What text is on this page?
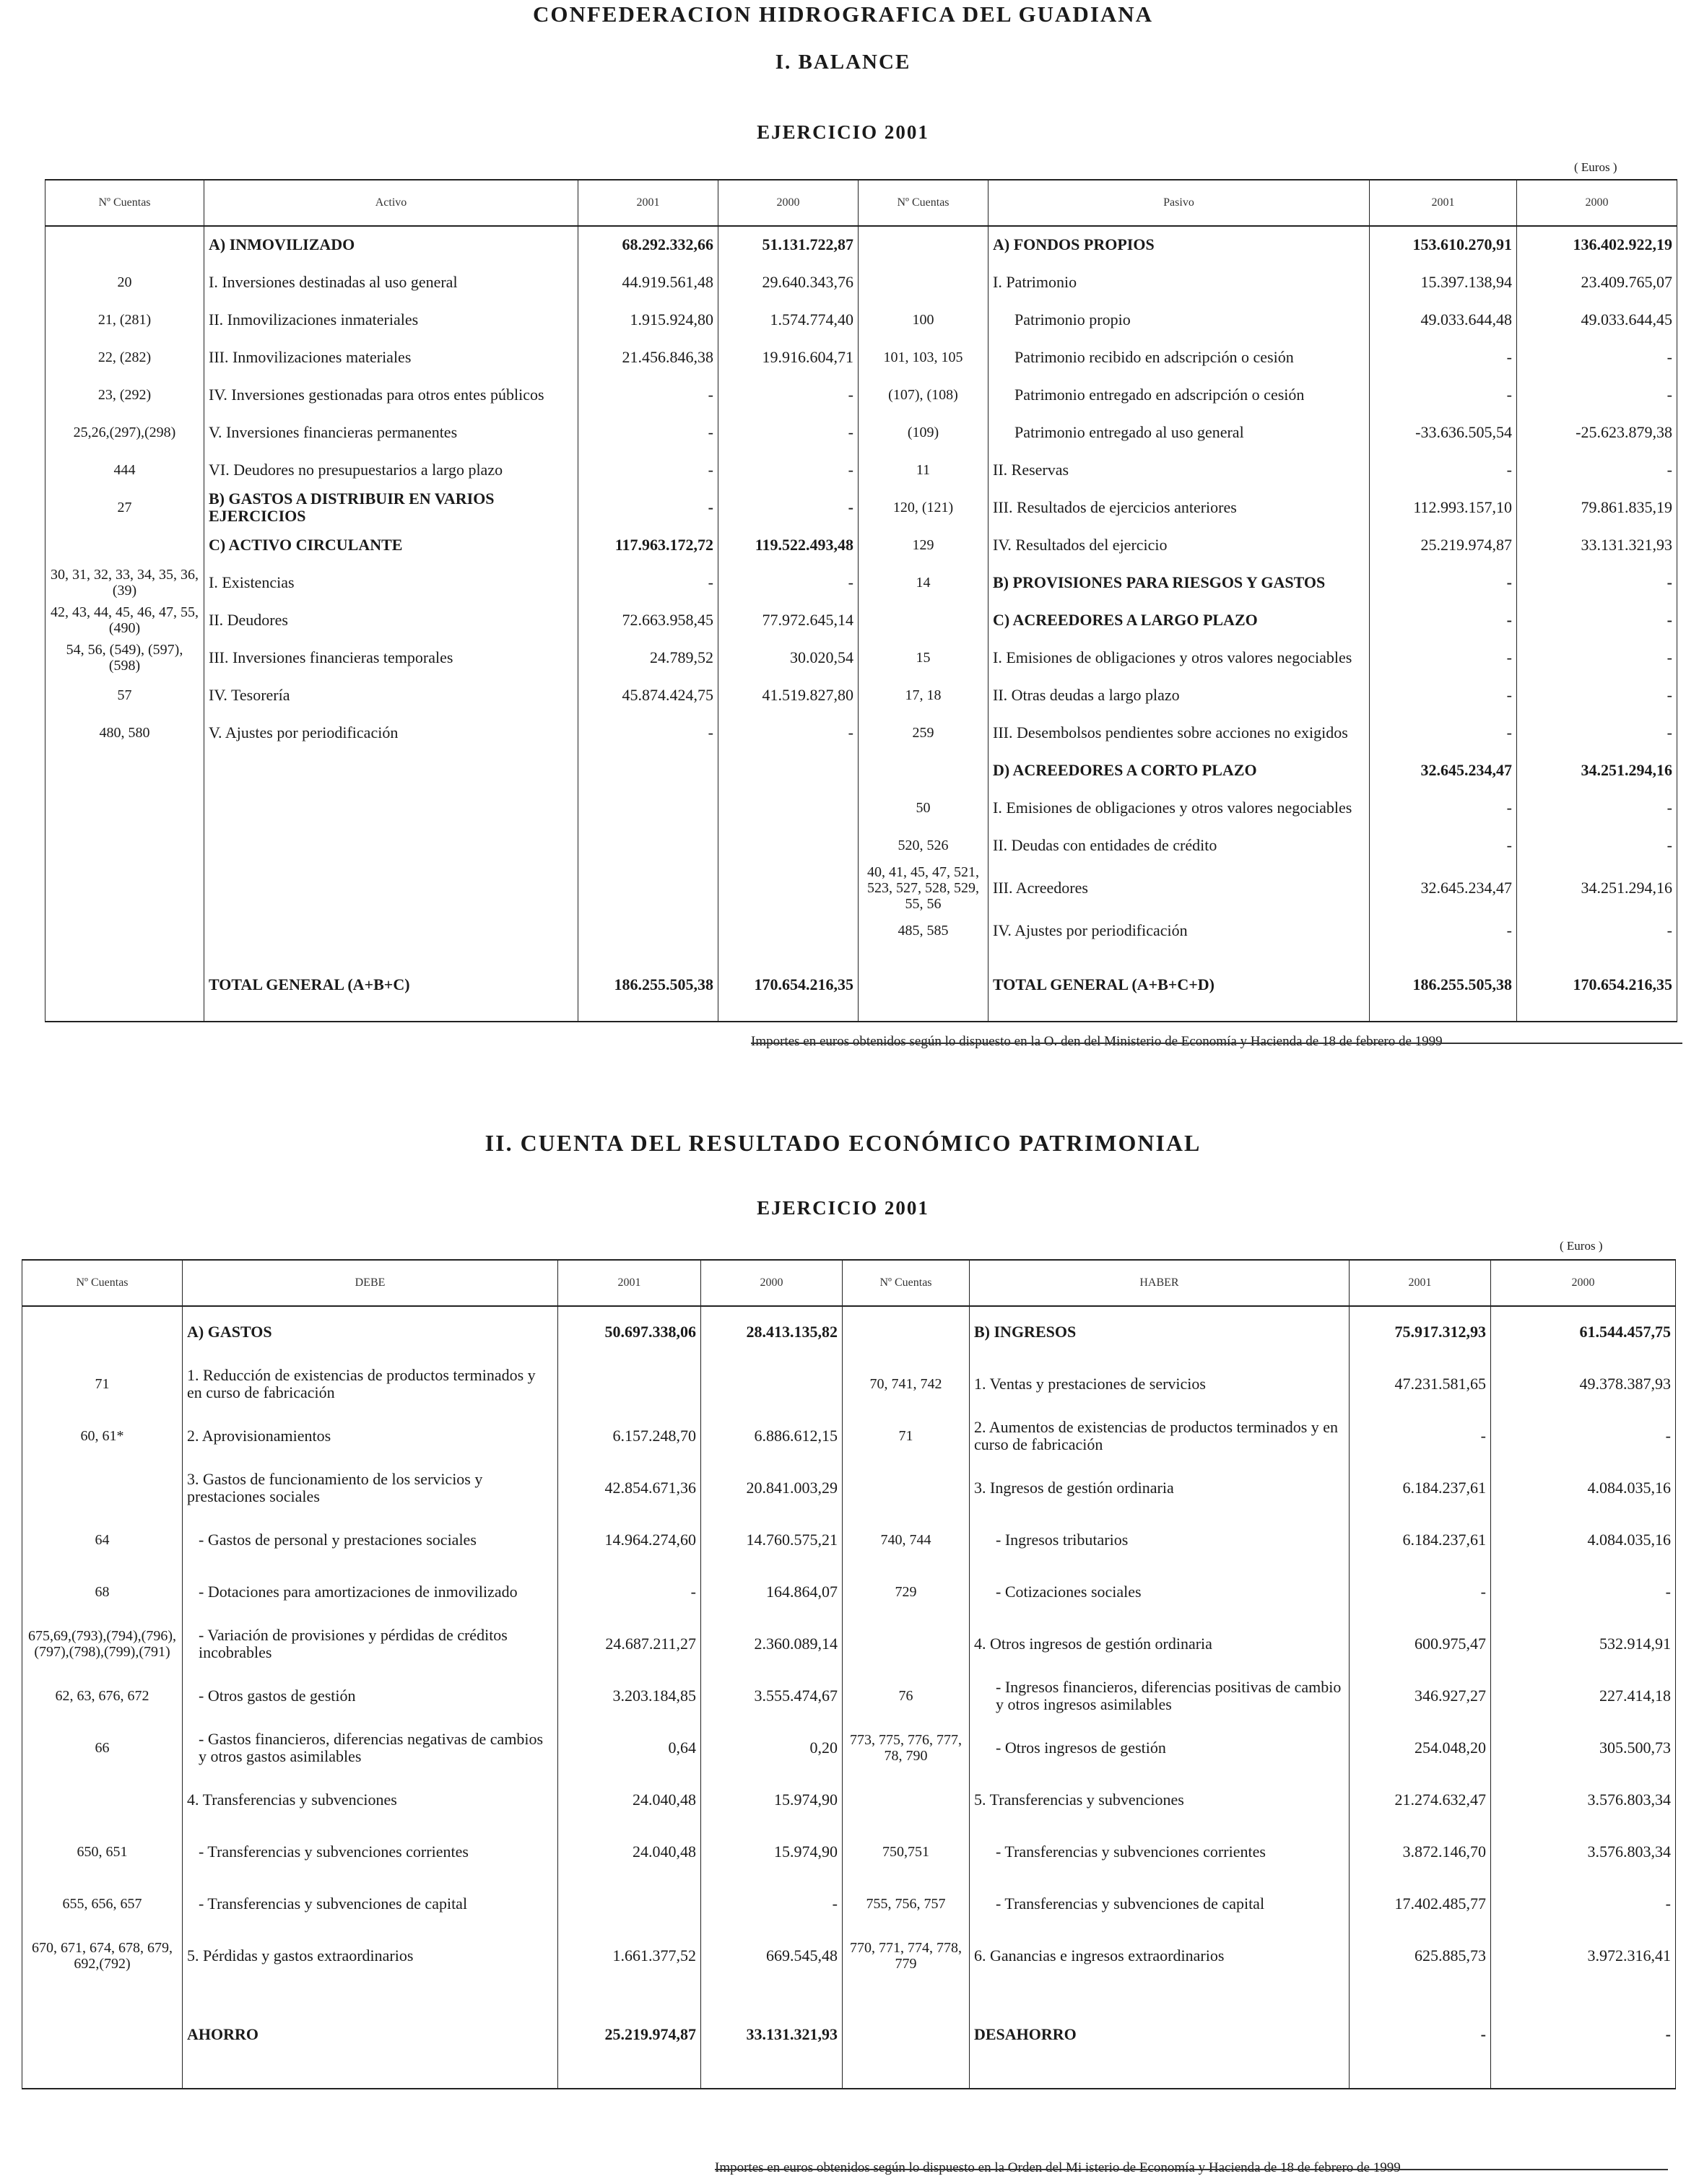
CONFEDERACION HIDROGRAFICA DEL GUADIANA
I. BALANCE
EJERCICIO 2001
( Euros )
Nº Cuentas	Activo	2001	2000	Nº Cuentas	Pasivo	2001	2000
	A) INMOVILIZADO	68.292.332,66	51.131.722,87		A) FONDOS PROPIOS	153.610.270,91	136.402.922,19
20	I. Inversiones destinadas al uso general	44.919.561,48	29.640.343,76		I. Patrimonio	15.397.138,94	23.409.765,07
21, (281)	II. Inmovilizaciones inmateriales	1.915.924,80	1.574.774,40	100	Patrimonio propio	49.033.644,48	49.033.644,45
22, (282)	III. Inmovilizaciones materiales	21.456.846,38	19.916.604,71	101, 103, 105	Patrimonio recibido en adscripción o cesión	-	-
23, (292)	IV. Inversiones gestionadas para otros entes públicos	-	-	(107), (108)	Patrimonio entregado en adscripción o cesión	-	-
25,26,(297),(298)	V. Inversiones financieras permanentes	-	-	(109)	Patrimonio entregado al uso general	-33.636.505,54	-25.623.879,38
444	VI. Deudores no presupuestarios a largo plazo	-	-	11	II. Reservas	-	-
27	B) GASTOS A DISTRIBUIR EN VARIOS EJERCICIOS	-	-	120, (121)	III. Resultados de ejercicios anteriores	112.993.157,10	79.861.835,19
	C) ACTIVO CIRCULANTE	117.963.172,72	119.522.493,48	129	IV. Resultados del ejercicio	25.219.974,87	33.131.321,93
30, 31, 32, 33, 34, 35, 36, (39)	I. Existencias	-	-	14	B) PROVISIONES PARA RIESGOS Y GASTOS	-	-
42, 43, 44, 45, 46, 47, 55, (490)	II. Deudores	72.663.958,45	77.972.645,14		C) ACREEDORES A LARGO PLAZO	-	-
54, 56, (549), (597), (598)	III. Inversiones financieras temporales	24.789,52	30.020,54	15	I. Emisiones de obligaciones y otros valores negociables	-	-
57	IV. Tesorería	45.874.424,75	41.519.827,80	17, 18	II. Otras deudas a largo plazo	-	-
480, 580	V. Ajustes por periodificación	-	-	259	III. Desembolsos pendientes sobre acciones no exigidos	-	-
					D) ACREEDORES A CORTO PLAZO	32.645.234,47	34.251.294,16
				50	I. Emisiones de obligaciones y otros valores negociables	-	-
				520, 526	II. Deudas con entidades de crédito	-	-
				40, 41, 45, 47, 521, 523, 527, 528, 529, 55, 56	III. Acreedores	32.645.234,47	34.251.294,16
				485, 585	IV. Ajustes por periodificación	-	-
	TOTAL GENERAL (A+B+C)	186.255.505,38	170.654.216,35		TOTAL GENERAL (A+B+C+D)	186.255.505,38	170.654.216,35
Importes en euros obtenidos según lo dispuesto en la O. den del Ministerio de Economía y Hacienda de 18 de febrero de 1999
II. CUENTA DEL RESULTADO ECONÓMICO PATRIMONIAL
EJERCICIO 2001
( Euros )
Nº Cuentas	DEBE	2001	2000	Nº Cuentas	HABER	2001	2000
	A) GASTOS	50.697.338,06	28.413.135,82		B) INGRESOS	75.917.312,93	61.544.457,75
71	1. Reducción de existencias de productos terminados y en curso de fabricación			70, 741, 742	1. Ventas y prestaciones de servicios	47.231.581,65	49.378.387,93
60, 61*	2. Aprovisionamientos	6.157.248,70	6.886.612,15	71	2. Aumentos de existencias de productos terminados y en curso de fabricación	-	-
	3. Gastos de funcionamiento de los servicios y prestaciones sociales	42.854.671,36	20.841.003,29		3. Ingresos de gestión ordinaria	6.184.237,61	4.084.035,16
64	- Gastos de personal y prestaciones sociales	14.964.274,60	14.760.575,21	740, 744	- Ingresos tributarios	6.184.237,61	4.084.035,16
68	- Dotaciones para amortizaciones de inmovilizado	-	164.864,07	729	- Cotizaciones sociales	-	-
675,69,(793),(794),(796),(797),(798),(799),(791)	- Variación de provisiones y pérdidas de créditos incobrables	24.687.211,27	2.360.089,14		4. Otros ingresos de gestión ordinaria	600.975,47	532.914,91
62, 63, 676, 672	- Otros gastos de gestión	3.203.184,85	3.555.474,67	76	- Ingresos financieros, diferencias positivas de cambio y otros ingresos asimilables	346.927,27	227.414,18
66	- Gastos financieros, diferencias negativas de cambios y otros gastos asimilables	0,64	0,20	773, 775, 776, 777, 78, 790	- Otros ingresos de gestión	254.048,20	305.500,73
	4. Transferencias y subvenciones	24.040,48	15.974,90		5. Transferencias y subvenciones	21.274.632,47	3.576.803,34
650, 651	- Transferencias y subvenciones corrientes	24.040,48	15.974,90	750,751	- Transferencias y subvenciones corrientes	3.872.146,70	3.576.803,34
655, 656, 657	- Transferencias y subvenciones de capital		-	755, 756, 757	- Transferencias y subvenciones de capital	17.402.485,77	-
670, 671, 674, 678, 679, 692,(792)	5. Pérdidas y gastos extraordinarios	1.661.377,52	669.545,48	770, 771, 774, 778, 779	6. Ganancias e ingresos extraordinarios	625.885,73	3.972.316,41
	AHORRO	25.219.974,87	33.131.321,93		DESAHORRO	-	-
Importes en euros obtenidos según lo dispuesto en la Orden del Mi isterio de Economía y Hacienda de 18 de febrero de 1999
